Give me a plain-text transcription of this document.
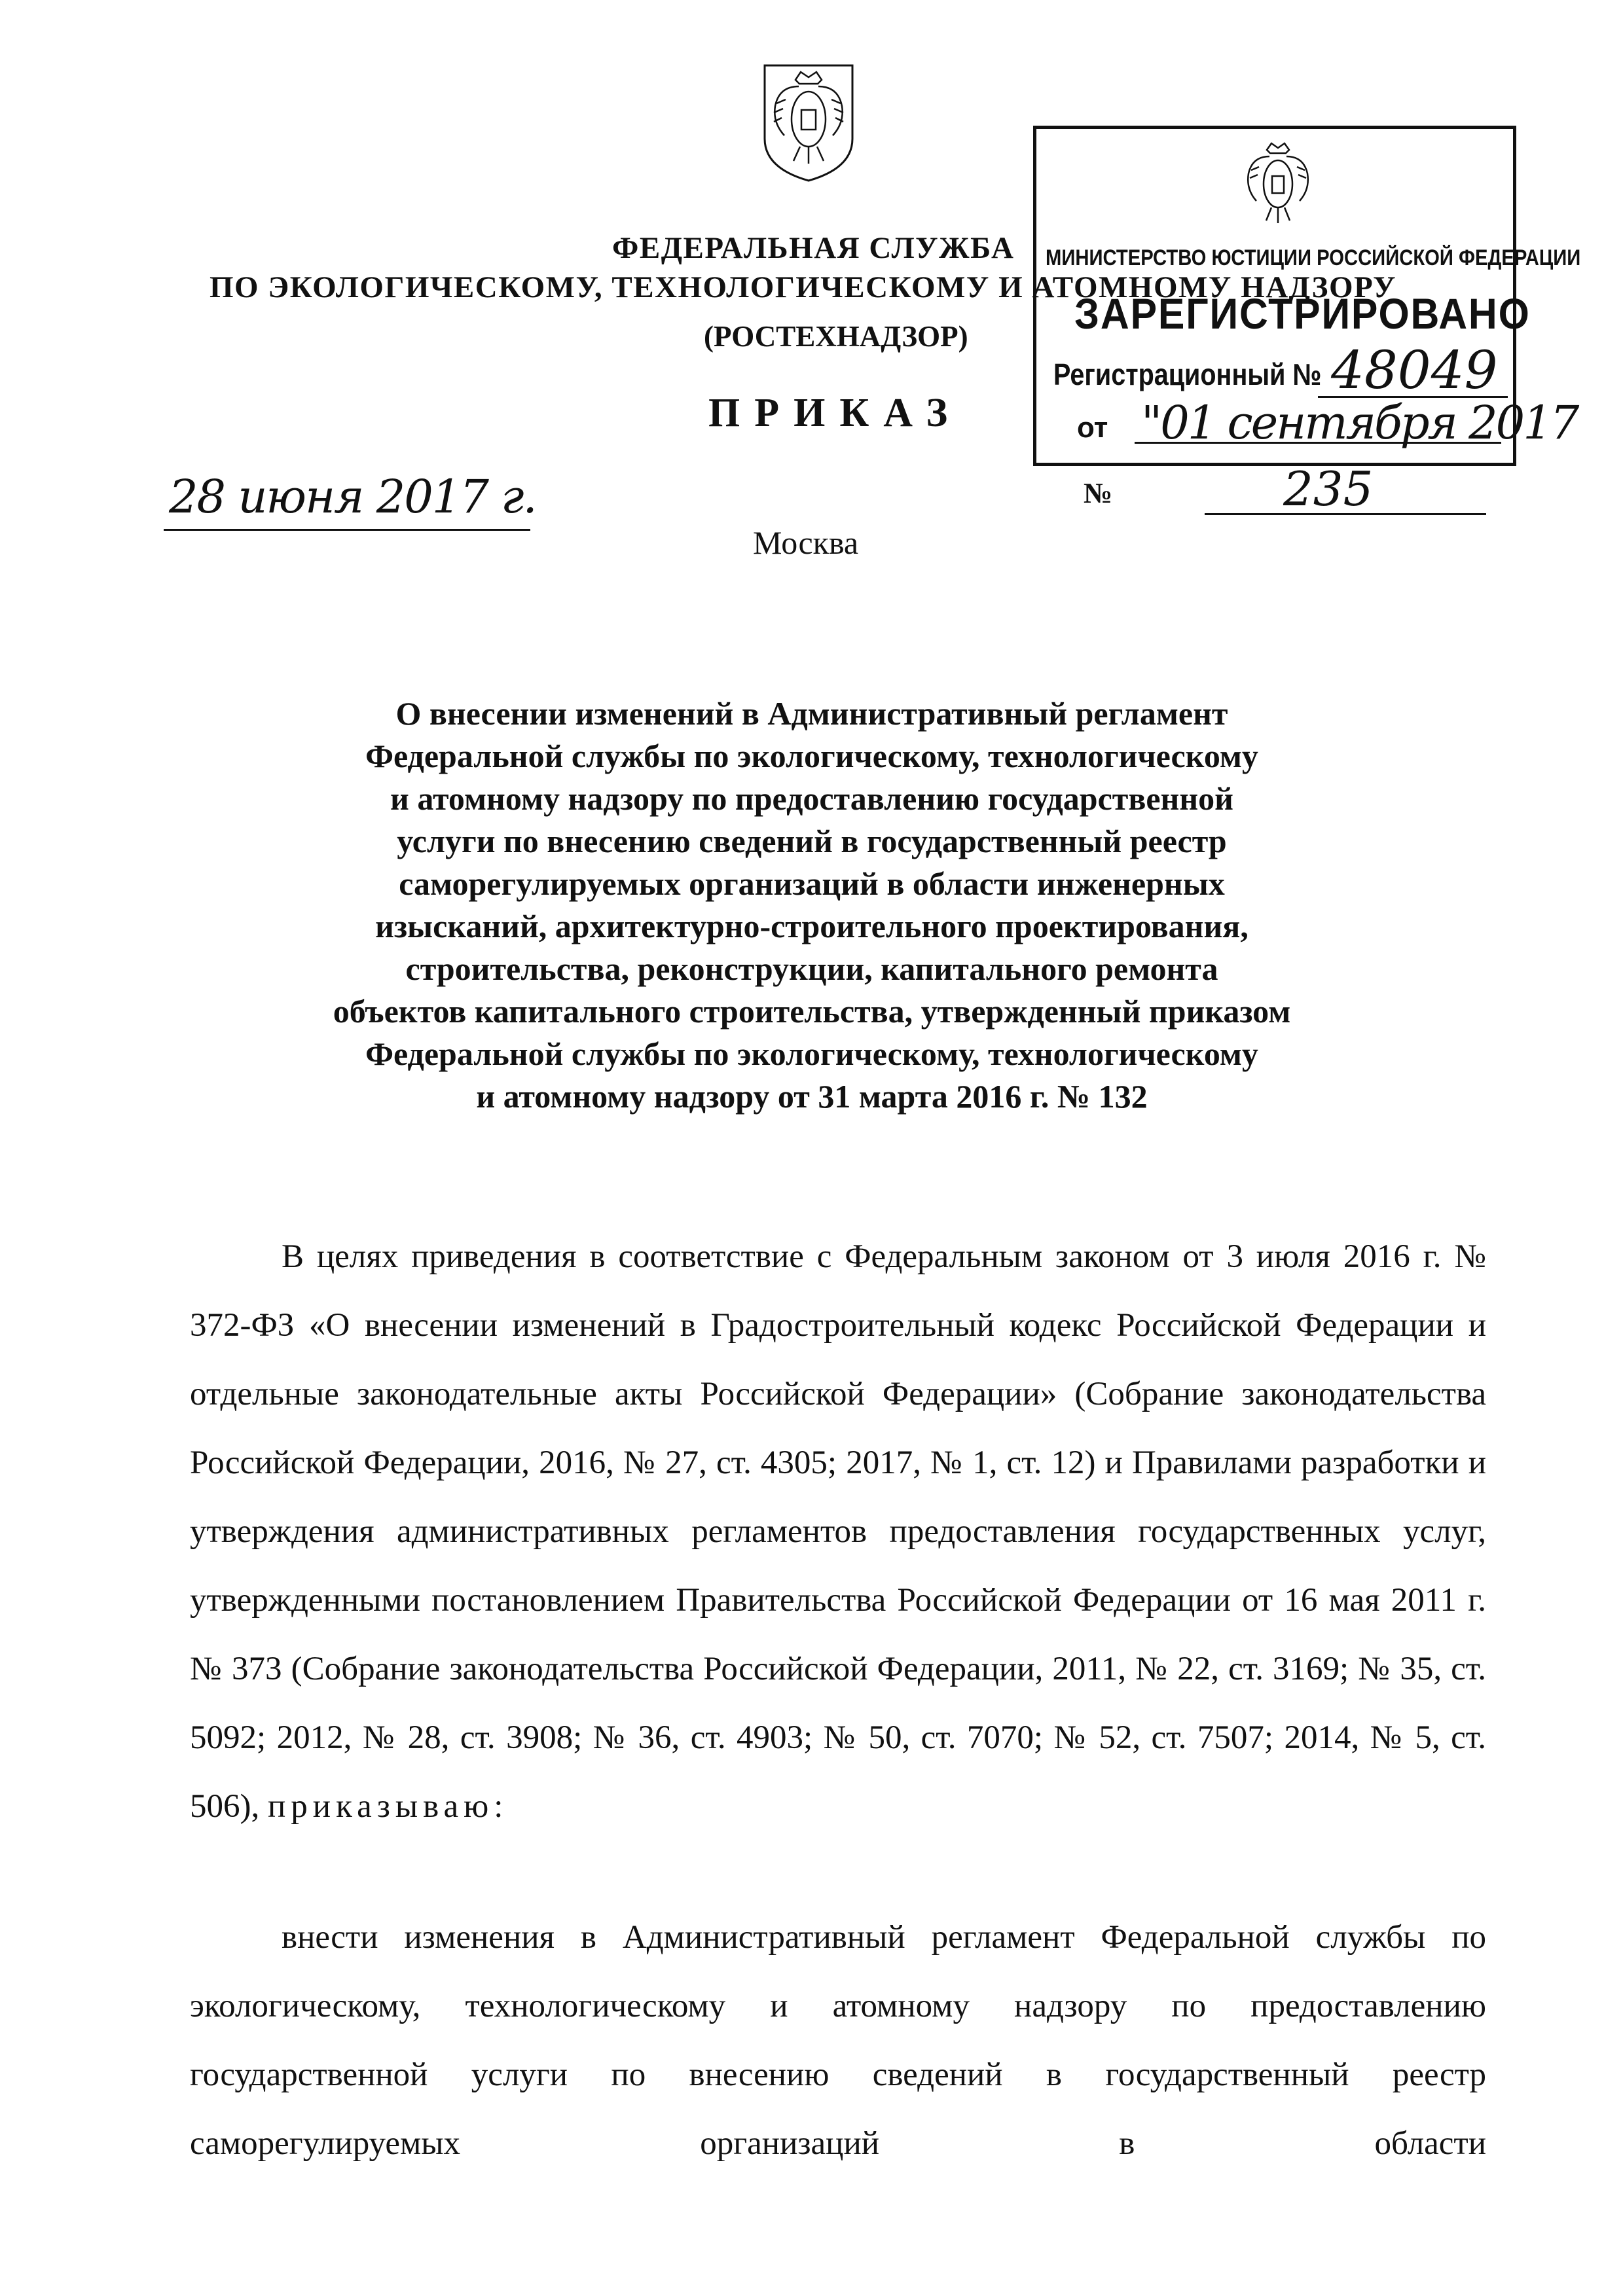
ФЕДЕРАЛЬНАЯ СЛУЖБА
ПО ЭКОЛОГИЧЕСКОМУ, ТЕХНОЛОГИЧЕСКОМУ И АТОМНОМУ НАДЗОРУ
(РОСТЕХНАДЗОР)
ПРИКАЗ
МИНИСТЕРСТВО ЮСТИЦИИ РОССИЙСКОЙ ФЕДЕРАЦИИ
ЗАРЕГИСТРИРОВАНО
Регистрационный № 48049
от "01 сентября 2017
28 июня 2017 г.	№	235
Москва
О внесении изменений в Административный регламент
Федеральной службы по экологическому, технологическому
и атомному надзору по предоставлению государственной
услуги по внесению сведений в государственный реестр
саморегулируемых организаций в области инженерных
изысканий, архитектурно-строительного проектирования,
строительства, реконструкции, капитального ремонта
объектов капитального строительства, утвержденный приказом
Федеральной службы по экологическому, технологическому
и атомному надзору от 31 марта 2016 г. № 132
В целях приведения в соответствие с Федеральным законом от 3 июля 2016 г. № 372-ФЗ «О внесении изменений в Градостроительный кодекс Российской Федерации и отдельные законодательные акты Российской Федерации» (Собрание законодательства Российской Федерации, 2016, № 27, ст. 4305; 2017, № 1, ст. 12) и Правилами разработки и утверждения административных регламентов предоставления государственных услуг, утвержденными постановлением Правительства Российской Федерации от 16 мая 2011 г. № 373 (Собрание законодательства Российской Федерации, 2011, № 22, ст. 3169; № 35, ст. 5092; 2012, № 28, ст. 3908; № 36, ст. 4903; № 50, ст. 7070; № 52, ст. 7507; 2014, № 5, ст. 506), приказываю:
внести изменения в Административный регламент Федеральной службы по экологическому, технологическому и атомному надзору по предоставлению государственной услуги по внесению сведений в государственный реестр саморегулируемых организаций в области
